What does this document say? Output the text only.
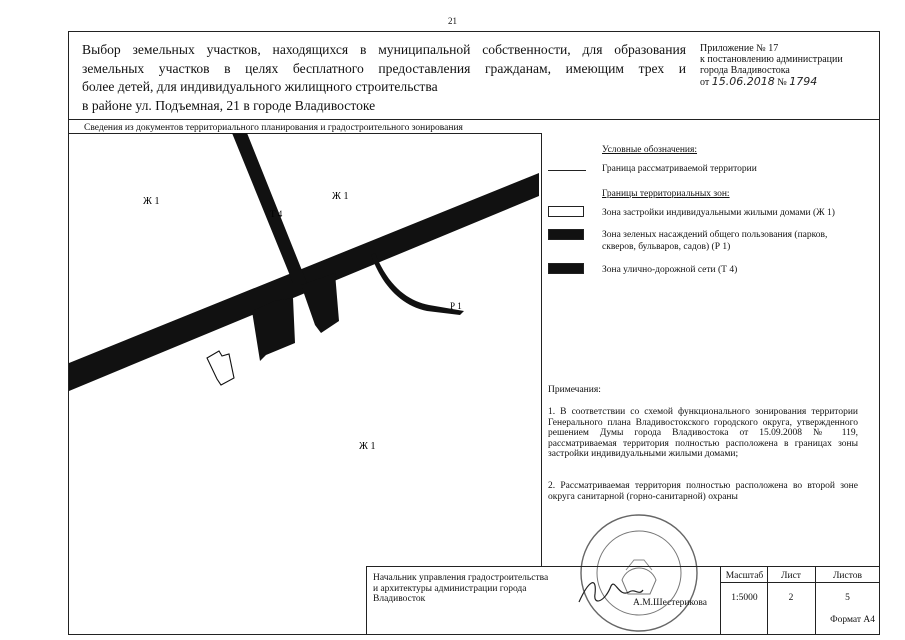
21
Выбор земельных участков, находящихся в муниципальной собственности, для образования
земельных участков в целях бесплатного предоставления гражданам, имеющим трех и
более детей, для индивидуального жилищного строительства
в районе ул. Подъемная, 21 в городе Владивостоке
Приложение № 17
к постановлению администрации
города Владивостока
от 15.06.2018 № 1794
Сведения из документов территориального планирования и градостроительного зонирования
Ж 1	Ж 1
Ж 1
Т 4
Р 1
Условные обозначения:
Граница рассматриваемой территории
Границы территориальных зон:
Зона застройки индивидуальными жилыми домами (Ж 1)
Зона зеленых насаждений общего пользования (парков, скверов, бульваров, садов) (Р 1)
Зона улично-дорожной сети (Т 4)
Примечания:
1. В соответствии со схемой функционального зонирования территории Генерального плана Владивостокского городского округа, утвержденного решением Думы города Владивостока от 15.09.2008 № 119, рассматриваемая территория полностью расположена в границах зоны застройки индивидуальными жилыми домами;
2. Рассматриваемая территория полностью расположена во второй зоне округа санитарной (горно-санитарной) охраны
Начальник управления градостроительства и архитектуры администрации города Владивосток	А.М.Шестерикова
Масштаб	Лист	Листов
1:5000	2	5
Формат А4
